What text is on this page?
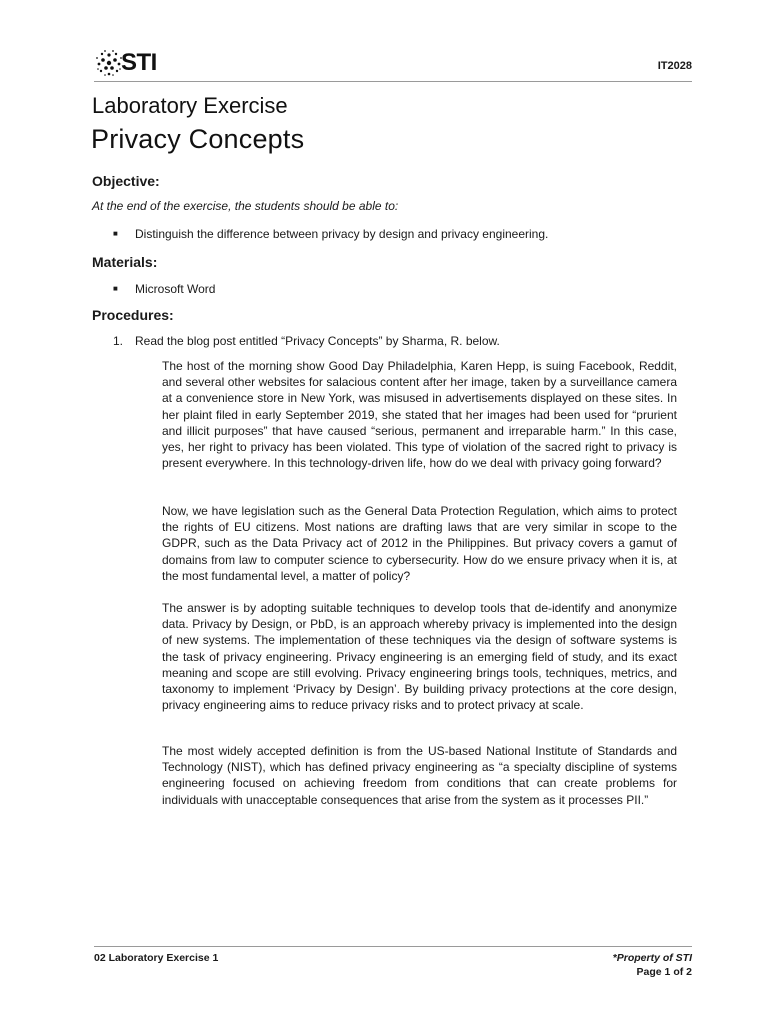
STI	IT2028
Laboratory Exercise
Privacy Concepts
Objective:
At the end of the exercise, the students should be able to:
■	Distinguish the difference between privacy by design and privacy engineering.
Materials:
■	Microsoft Word
Procedures:
1. Read the blog post entitled “Privacy Concepts” by Sharma, R. below.

The host of the morning show Good Day Philadelphia, Karen Hepp, is suing Facebook, Reddit, and several other websites for salacious content after her image, taken by a surveillance camera at a convenience store in New York, was misused in advertisements displayed on these sites. In her plaint filed in early September 2019, she stated that her images had been used for “prurient and illicit purposes” that have caused “serious, permanent and irreparable harm.” In this case, yes, her right to privacy has been violated. This type of violation of the sacred right to privacy is present everywhere. In this technology-driven life, how do we deal with privacy going forward?

Now, we have legislation such as the General Data Protection Regulation, which aims to protect the rights of EU citizens. Most nations are drafting laws that are very similar in scope to the GDPR, such as the Data Privacy act of 2012 in the Philippines. But privacy covers a gamut of domains from law to computer science to cybersecurity. How do we ensure privacy when it is, at the most fundamental level, a matter of policy?

The answer is by adopting suitable techniques to develop tools that de-identify and anonymize data. Privacy by Design, or PbD, is an approach whereby privacy is implemented into the design of new systems. The implementation of these techniques via the design of software systems is the task of privacy engineering. Privacy engineering is an emerging field of study, and its exact meaning and scope are still evolving. Privacy engineering brings tools, techniques, metrics, and taxonomy to implement ‘Privacy by Design’. By building privacy protections at the core design, privacy engineering aims to reduce privacy risks and to protect privacy at scale.

The most widely accepted definition is from the US-based National Institute of Standards and Technology (NIST), which has defined privacy engineering as “a specialty discipline of systems engineering focused on achieving freedom from conditions that can create problems for individuals with unacceptable consequences that arise from the system as it processes PII.”

02 Laboratory Exercise 1	*Property of STI
Page 1 of 2
